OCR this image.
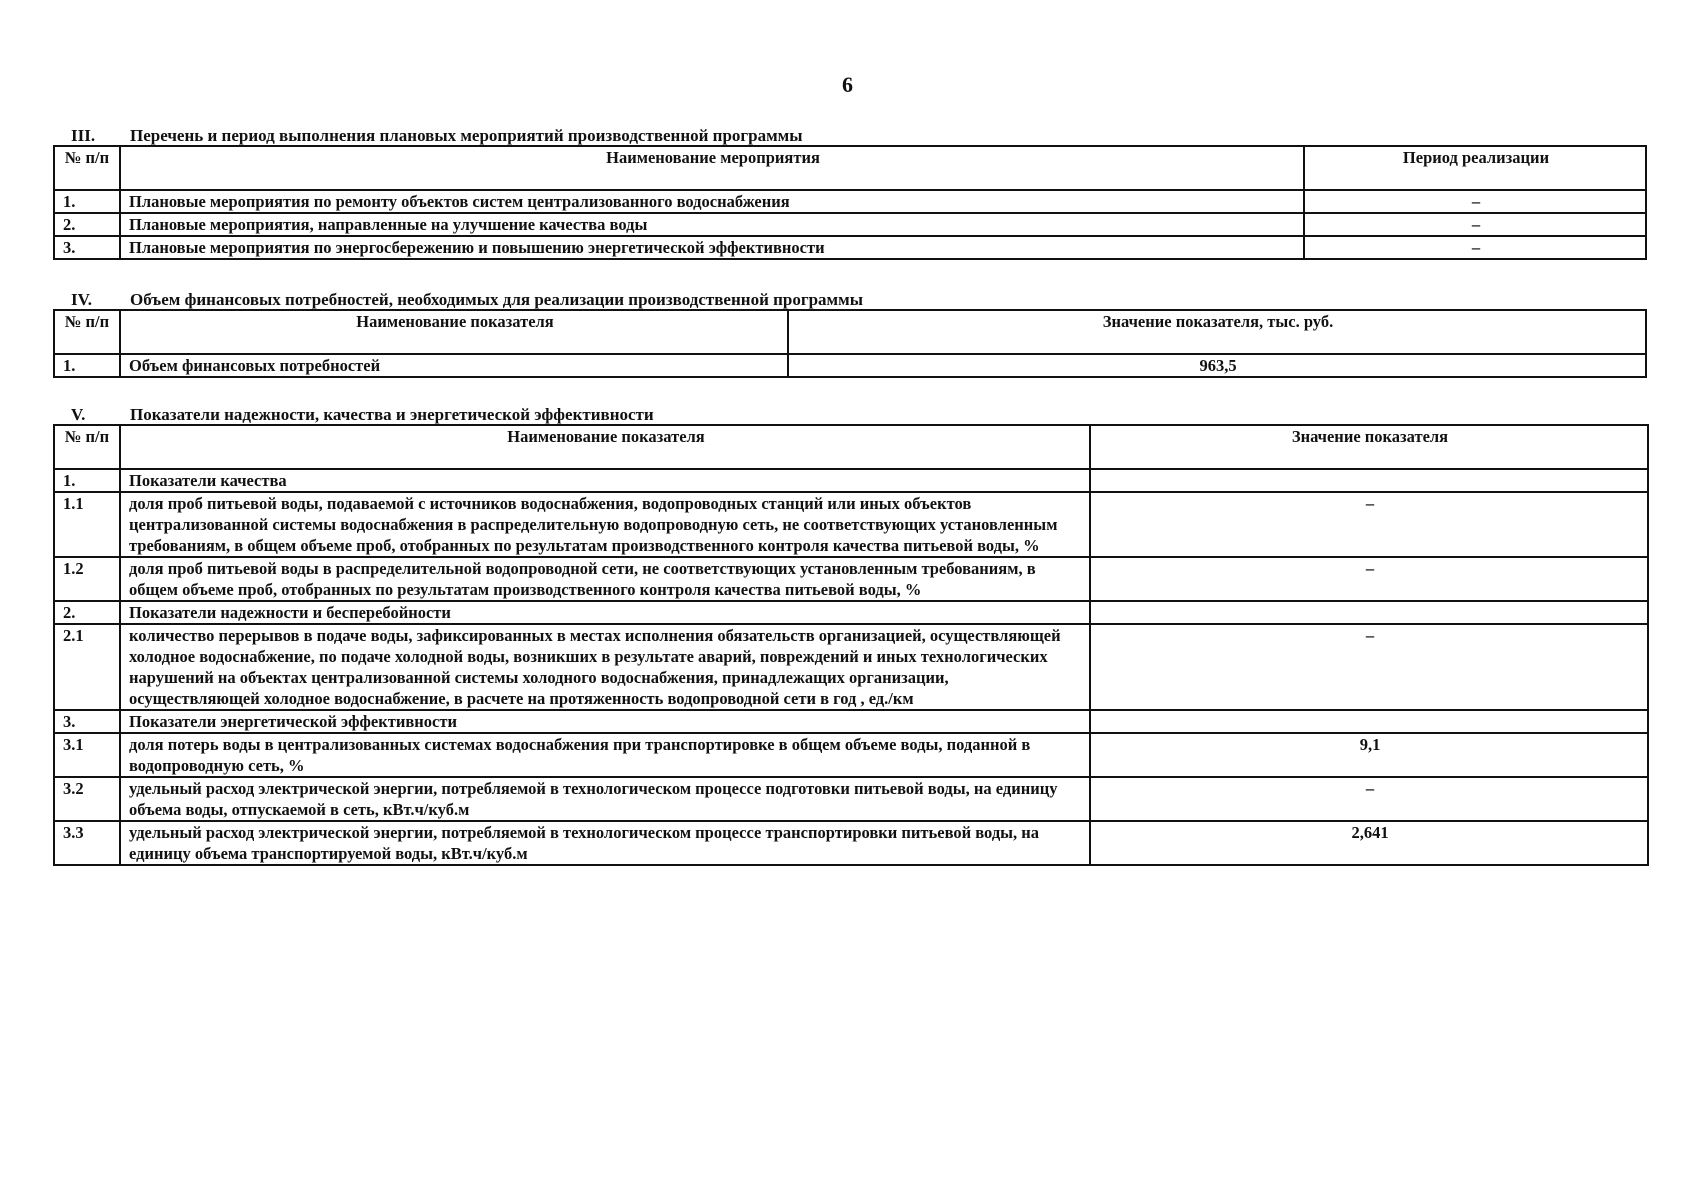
6
III.	Перечень и период выполнения плановых мероприятий производственной программы
№ п/п	Наименование мероприятия	Период реализации
1.	Плановые мероприятия по ремонту объектов систем централизованного водоснабжения	–
2.	Плановые мероприятия, направленные на улучшение качества воды	–
3.	Плановые мероприятия по энергосбережению и повышению энергетической эффективности	–
IV.	Объем финансовых потребностей, необходимых для реализации производственной программы
№ п/п	Наименование показателя	Значение показателя, тыс. руб.
1.	Объем финансовых потребностей	963,5
V.	Показатели надежности, качества и энергетической эффективности
№ п/п	Наименование показателя	Значение показателя
1.	Показатели качества	
1.1	доля проб питьевой воды, подаваемой с источников водоснабжения, водопроводных станций или иных объектов централизованной системы водоснабжения в распределительную водопроводную сеть, не соответствующих установленным требованиям, в общем объеме проб, отобранных по результатам производственного контроля качества питьевой воды, %	–
1.2	доля проб питьевой воды в распределительной водопроводной сети, не соответствующих установленным требованиям, в общем объеме проб, отобранных по результатам производственного контроля качества питьевой воды, %	–
2.	Показатели надежности и бесперебойности	
2.1	количество перерывов в подаче воды, зафиксированных в местах исполнения обязательств организацией, осуществляющей холодное водоснабжение, по подаче холодной воды, возникших в результате аварий, повреждений и иных технологических нарушений на объектах централизованной системы холодного водоснабжения, принадлежащих организации, осуществляющей холодное водоснабжение, в расчете на протяженность водопроводной сети в год , ед./км	–
3.	Показатели энергетической эффективности	
3.1	доля потерь воды в централизованных системах водоснабжения при транспортировке в общем объеме воды, поданной в водопроводную сеть, %	9,1
3.2	удельный расход электрической энергии, потребляемой в технологическом процессе подготовки питьевой воды, на единицу объема воды, отпускаемой в сеть, кВт.ч/куб.м	–
3.3	удельный расход электрической энергии, потребляемой в технологическом процессе транспортировки питьевой воды, на единицу объема транспортируемой воды, кВт.ч/куб.м	2,641
